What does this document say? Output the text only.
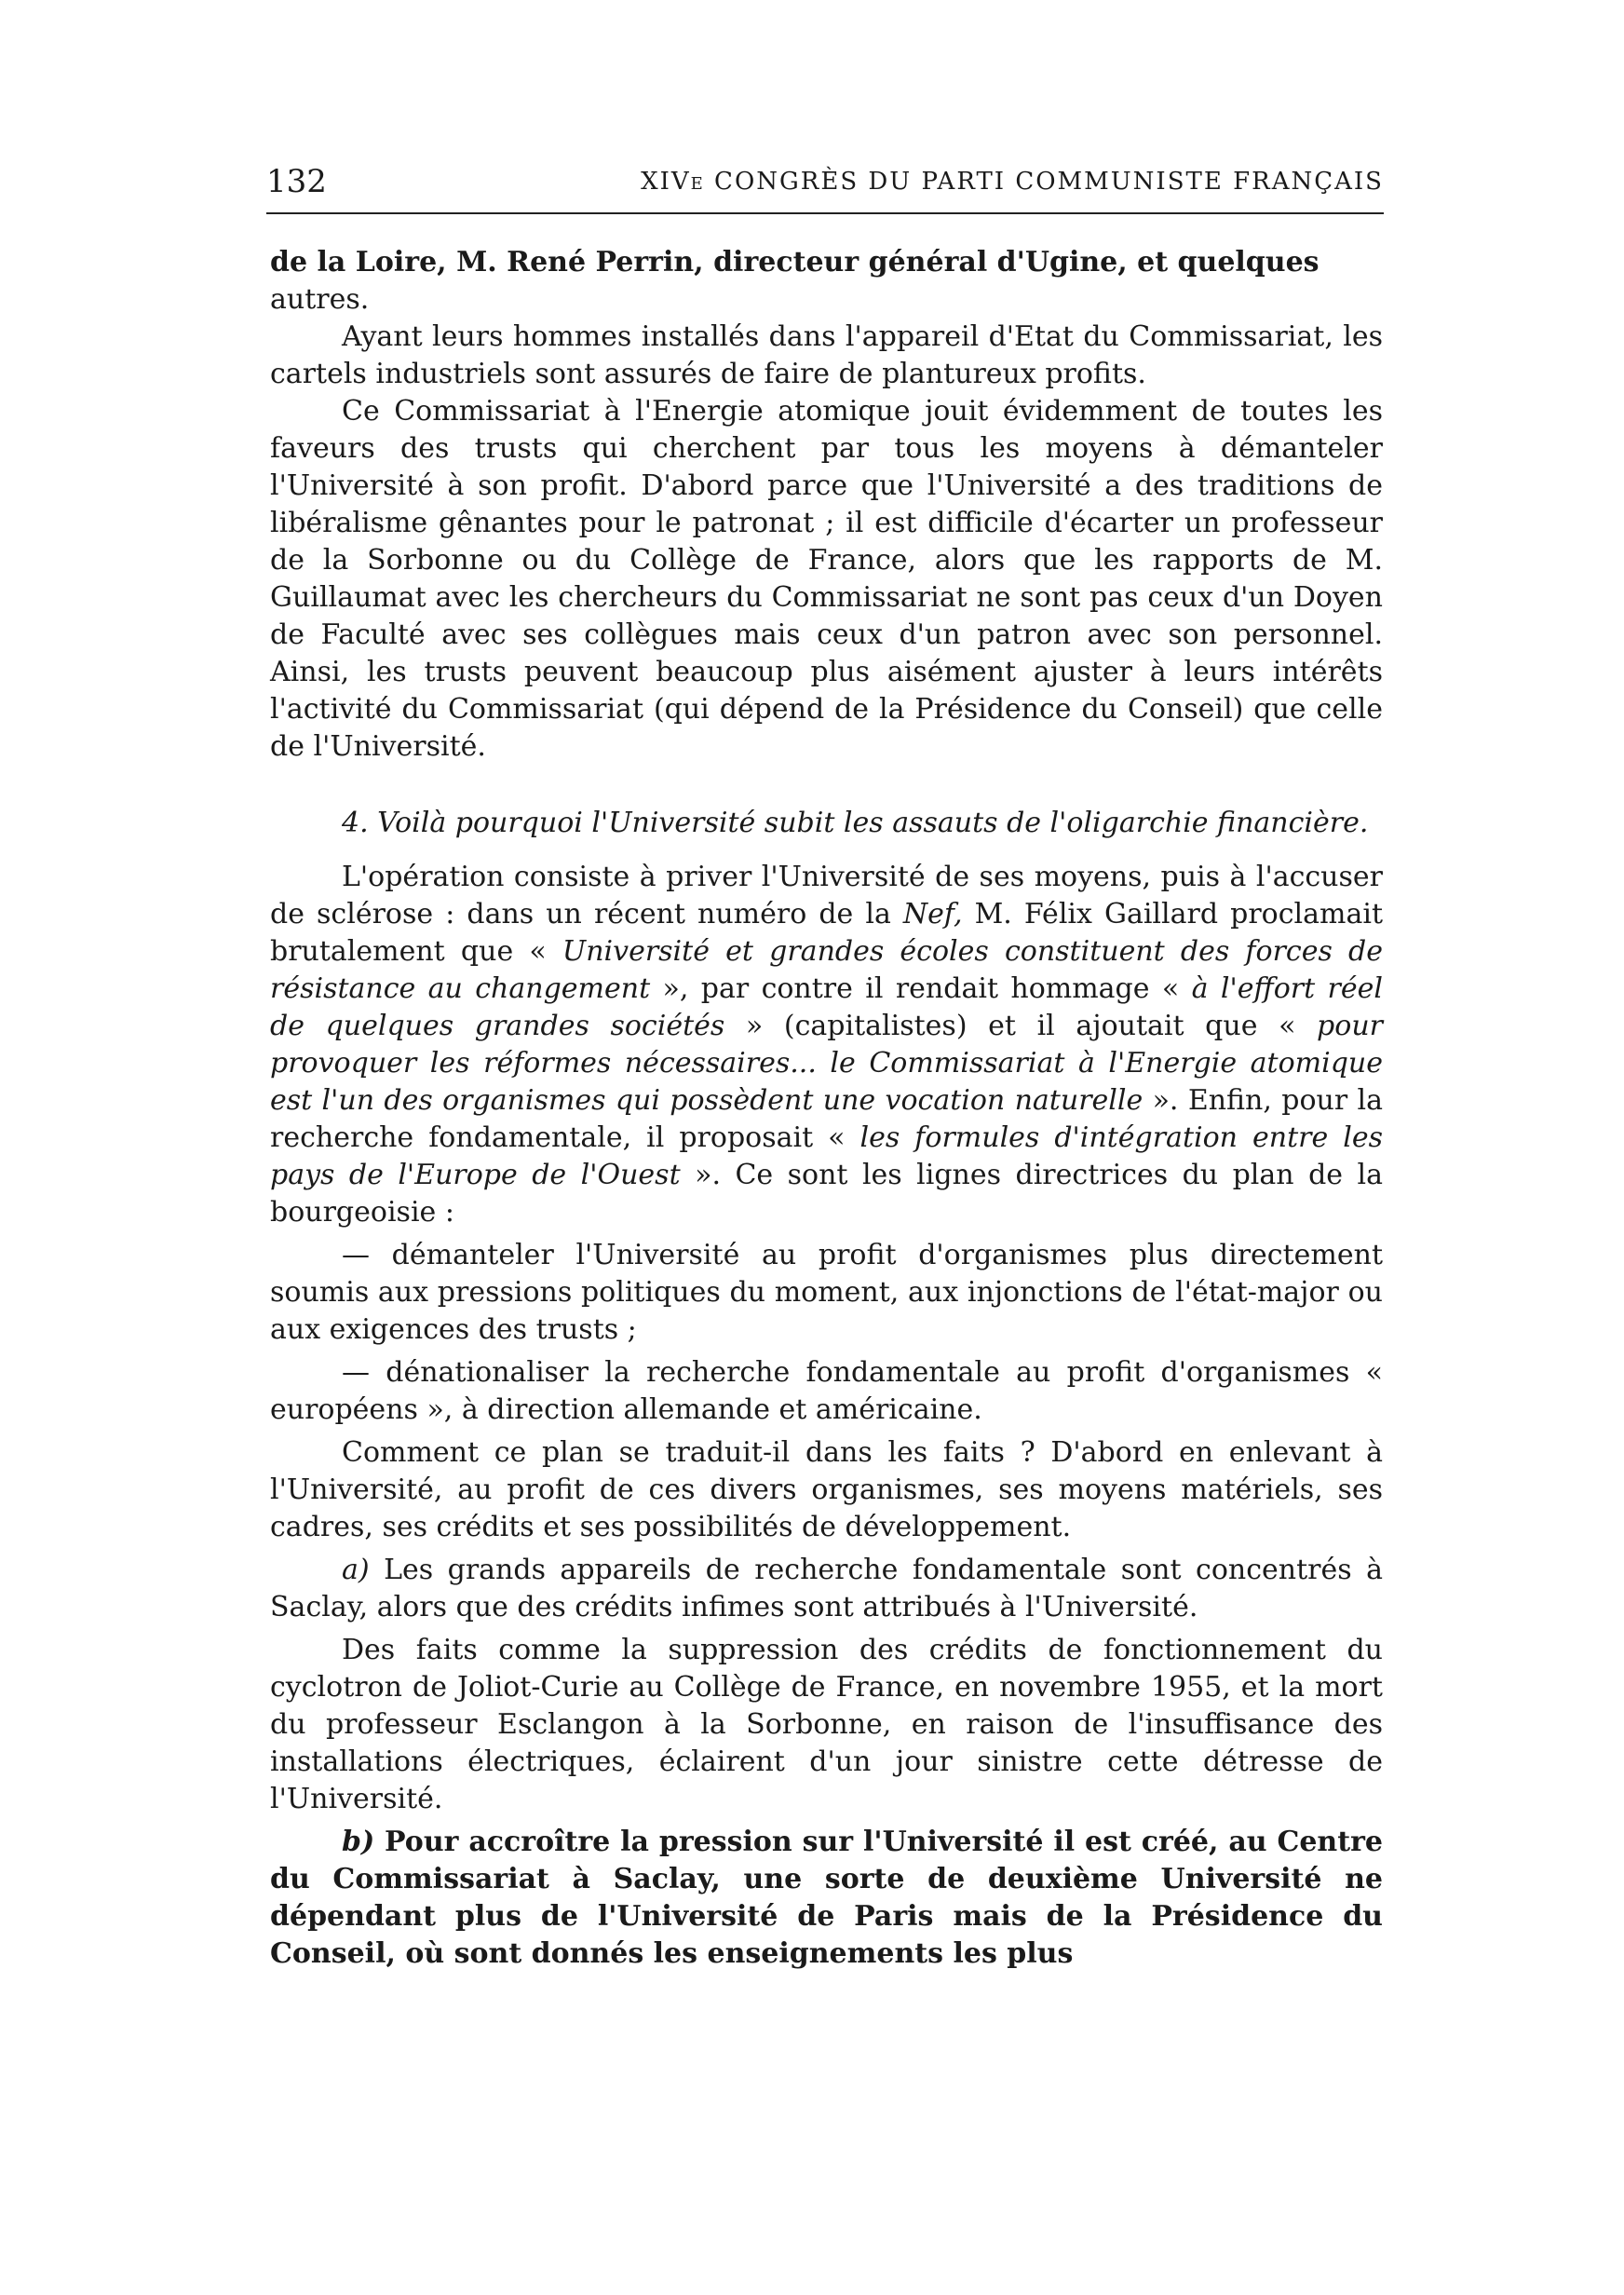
132	XIVe CONGRÈS DU PARTI COMMUNISTE FRANÇAIS

de la Loire, M. René Perrin, directeur général d'Ugine, et quelques
autres.

Ayant leurs hommes installés dans l'appareil d'Etat du Commissariat, les cartels industriels sont assurés de faire de plantureux profits.

Ce Commissariat à l'Energie atomique jouit évidemment de toutes les faveurs des trusts qui cherchent par tous les moyens à démanteler l'Université à son profit. D'abord parce que l'Université a des traditions de libéralisme gênantes pour le patronat ; il est difficile d'écarter un professeur de la Sorbonne ou du Collège de France, alors que les rapports de M. Guillaumat avec les chercheurs du Commissariat ne sont pas ceux d'un Doyen de Faculté avec ses collègues mais ceux d'un patron avec son personnel. Ainsi, les trusts peuvent beaucoup plus aisément ajuster à leurs intérêts l'activité du Commissariat (qui dépend de la Présidence du Conseil) que celle de l'Université.

4. Voilà pourquoi l'Université subit les assauts de l'oligarchie financière.

L'opération consiste à priver l'Université de ses moyens, puis à l'accuser de sclérose : dans un récent numéro de la Nef, M. Félix Gaillard proclamait brutalement que « Université et grandes écoles constituent des forces de résistance au changement », par contre il rendait hommage « à l'effort réel de quelques grandes sociétés » (capitalistes) et il ajoutait que « pour provoquer les réformes nécessaires... le Commissariat à l'Energie atomique est l'un des organismes qui possèdent une vocation naturelle ». Enfin, pour la recherche fondamentale, il proposait « les formules d'intégration entre les pays de l'Europe de l'Ouest ». Ce sont les lignes directrices du plan de la bourgeoisie :

— démanteler l'Université au profit d'organismes plus directement soumis aux pressions politiques du moment, aux injonctions de l'état-major ou aux exigences des trusts ;

— dénationaliser la recherche fondamentale au profit d'organismes « européens », à direction allemande et américaine.

Comment ce plan se traduit-il dans les faits ? D'abord en enlevant à l'Université, au profit de ces divers organismes, ses moyens matériels, ses cadres, ses crédits et ses possibilités de développement.

a) Les grands appareils de recherche fondamentale sont concentrés à Saclay, alors que des crédits infimes sont attribués à l'Université.

Des faits comme la suppression des crédits de fonctionnement du cyclotron de Joliot-Curie au Collège de France, en novembre 1955, et la mort du professeur Esclangon à la Sorbonne, en raison de l'insuffisance des installations électriques, éclairent d'un jour sinistre cette détresse de l'Université.

b) Pour accroître la pression sur l'Université il est créé, au Centre du Commissariat à Saclay, une sorte de deuxième Université ne dépendant plus de l'Université de Paris mais de la Présidence du Conseil, où sont donnés les enseignements les plus
